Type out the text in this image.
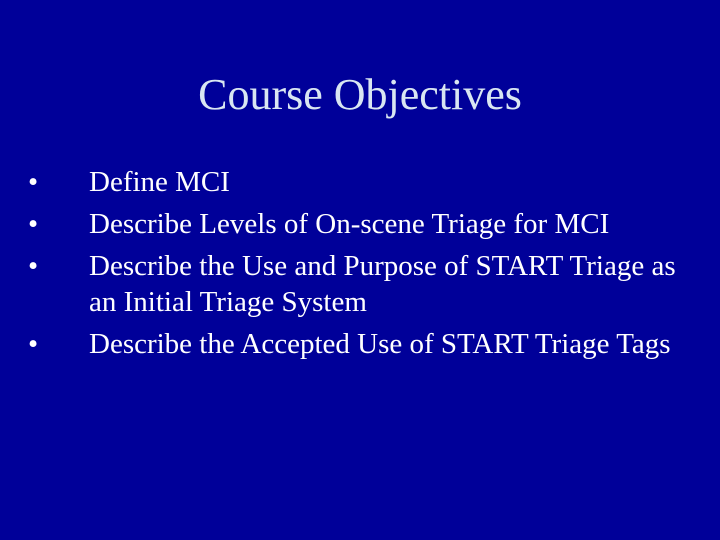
Course Objectives
•	Define MCI
•	Describe Levels of On-scene Triage for MCI
•	Describe the Use and Purpose of START Triage as an Initial Triage System
•	Describe the Accepted Use of START Triage Tags
